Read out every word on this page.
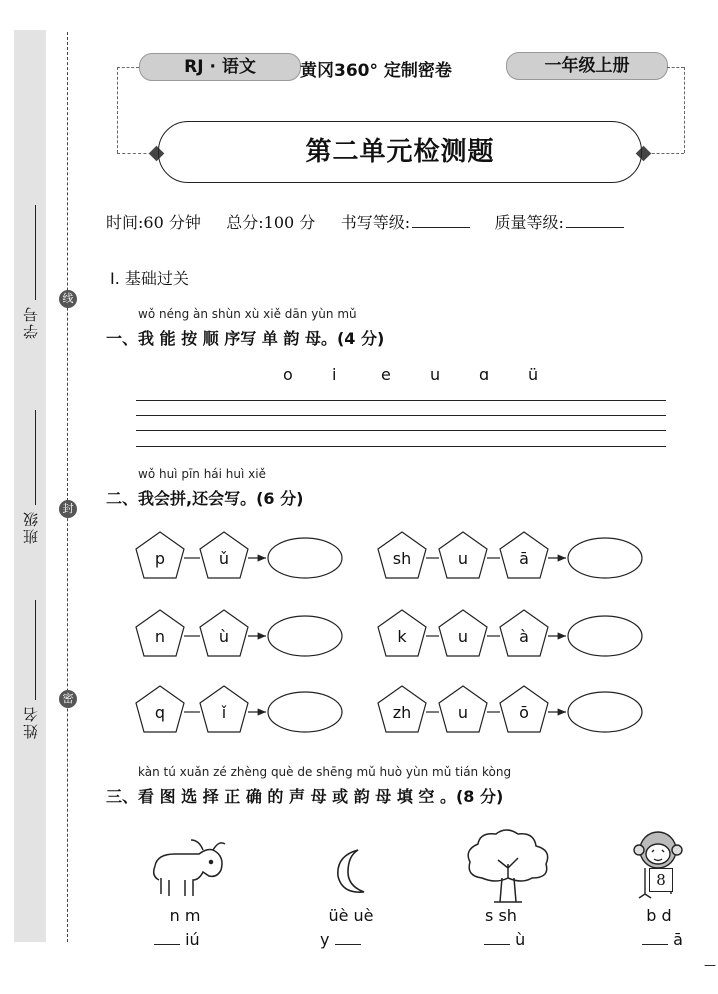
学号
班级
姓名
线
封
密
RJ · 语文	黄冈360° 定制密卷	一年级上册
第二单元检测题
时间:60 分钟 总分:100 分 书写等级:	质量等级:
Ⅰ. 基础过关
wǒ néng àn shùn xù xiě dān yùn mǔ
一、我 能 按 顺 序写 单 韵 母。(4 分)
o i	e u ɑ ü
wǒ huì pīn hái huì xiě
二、我会拼,还会写。(6 分)
p	ǔ	sh	u	ā
n	ù	k	u	à
q	ǐ	zh	u	ō
kàn tú xuǎn zé zhèng què de shēng mǔ huò yùn mǔ tián kòng
三、看 图 选 择 正 确 的 声 母 或 韵 母 填 空 。(8 分)
8
n m	üè uè	s sh	b d
iú	y	ù	ā
—
